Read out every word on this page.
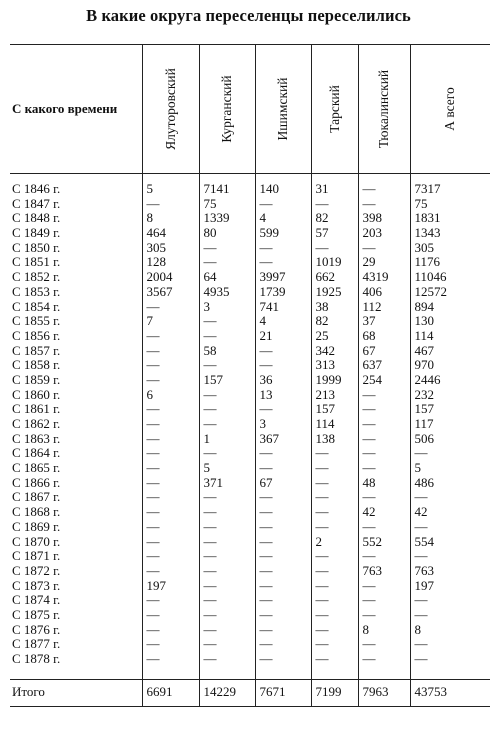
В какие округа переселенцы переселились
С какого времени	Ялуторовский	Курганский	Ишимский	Тарский	Тюкалинский	А всего

С 1846 г.	5	7141	140	31	—	7317
С 1847 г.	—	75	—	—	—	75
С 1848 г.	8	1339	4	82	398	1831
С 1849 г.	464	80	599	57	203	1343
С 1850 г.	305	—	—	—	—	305
С 1851 г.	128	—	—	1019	29	1176
С 1852 г.	2004	64	3997	662	4319	11046
С 1853 г.	3567	4935	1739	1925	406	12572
С 1854 г.	—	3	741	38	112	894
С 1855 г.	7	—	4	82	37	130
С 1856 г.	—	—	21	25	68	114
С 1857 г.	—	58	—	342	67	467
С 1858 г.	—	—	—	313	637	970
С 1859 г.	—	157	36	1999	254	2446
С 1860 г.	6	—	13	213	—	232
С 1861 г.	—	—	—	157	—	157
С 1862 г.	—	—	3	114	—	117
С 1863 г.	—	1	367	138	—	506
С 1864 г.	—	—	—	—	—	—
С 1865 г.	—	5	—	—	—	5
С 1866 г.	—	371	67	—	48	486
С 1867 г.	—	—	—	—	—	—
С 1868 г.	—	—	—	—	42	42
С 1869 г.	—	—	—	—	—	—
С 1870 г.	—	—	—	2	552	554
С 1871 г.	—	—	—	—	—	—
С 1872 г.	—	—	—	—	763	763
С 1873 г.	197	—	—	—	—	197
С 1874 г.	—	—	—	—	—	—
С 1875 г.	—	—	—	—	—	—
С 1876 г.	—	—	—	—	8	8
С 1877 г.	—	—	—	—	—	—
С 1878 г.	—	—	—	—	—	—

Итого	6691	14229	7671	7199	7963	43753
